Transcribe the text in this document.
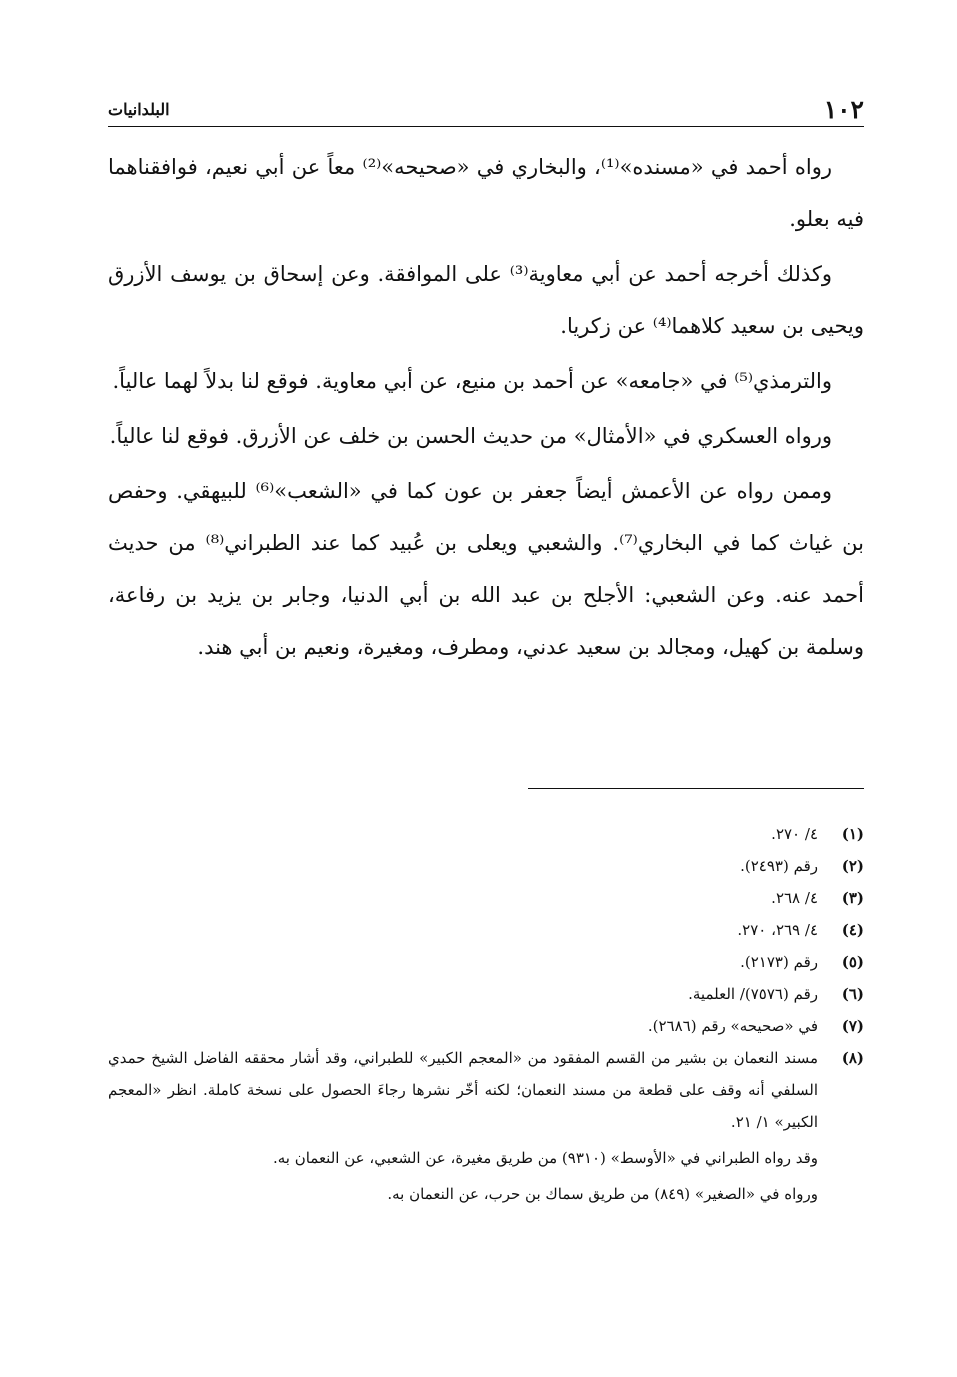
١٠٢
البلدانيات

رواه أحمد في «مسنده»⁽¹⁾، والبخاري في «صحيحه»⁽²⁾ معاً عن أبي نعيم، فوافقناهما فيه بعلو.

وكذلك أخرجه أحمد عن أبي معاوية⁽³⁾ على الموافقة. وعن إسحاق بن يوسف الأزرق ويحيى بن سعيد كلاهما⁽⁴⁾ عن زكريا.

والترمذي⁽⁵⁾ في «جامعه» عن أحمد بن منيع، عن أبي معاوية. فوقع لنا بدلاً لهما عالياً.

ورواه العسكري في «الأمثال» من حديث الحسن بن خلف عن الأزرق. فوقع لنا عالياً.

وممن رواه عن الأعمش أيضاً جعفر بن عون كما في «الشعب»⁽⁶⁾ للبيهقي. وحفص بن غياث كما في البخاري⁽⁷⁾. والشعبي ويعلى بن عُبيد كما عند الطبراني⁽⁸⁾ من حديث أحمد عنه. وعن الشعبي: الأجلح بن عبد الله بن أبي الدنيا، وجابر بن يزيد بن رفاعة، وسلمة بن كهيل، ومجالد بن سعيد عدني، ومطرف، ومغيرة، ونعيم بن أبي هند.

(١)
٤/ ٢٧٠.
(٢)
رقم (٢٤٩٣).
(٣)
٤/ ٢٦٨.
(٤)
٤/ ٢٦٩، ٢٧٠.
(٥)
رقم (٢١٧٣).
(٦)
رقم (٧٥٧٦)/ العلمية.
(٧)
في «صحيحه» رقم (٢٦٨٦).
(٨)
مسند النعمان بن بشير من القسم المفقود من «المعجم الكبير» للطبراني، وقد أشار محققه الفاضل الشيخ حمدي السلفي أنه وقف على قطعة من مسند النعمان؛ لكنه أخّر نشرها رجاءَ الحصول على نسخة كاملة. انظر «المعجم الكبير» ١/ ٢١.
وقد رواه الطبراني في «الأوسط» (٩٣١٠) من طريق مغيرة، عن الشعبي، عن النعمان به.
ورواه في «الصغير» (٨٤٩) من طريق سماك بن حرب، عن النعمان به.
